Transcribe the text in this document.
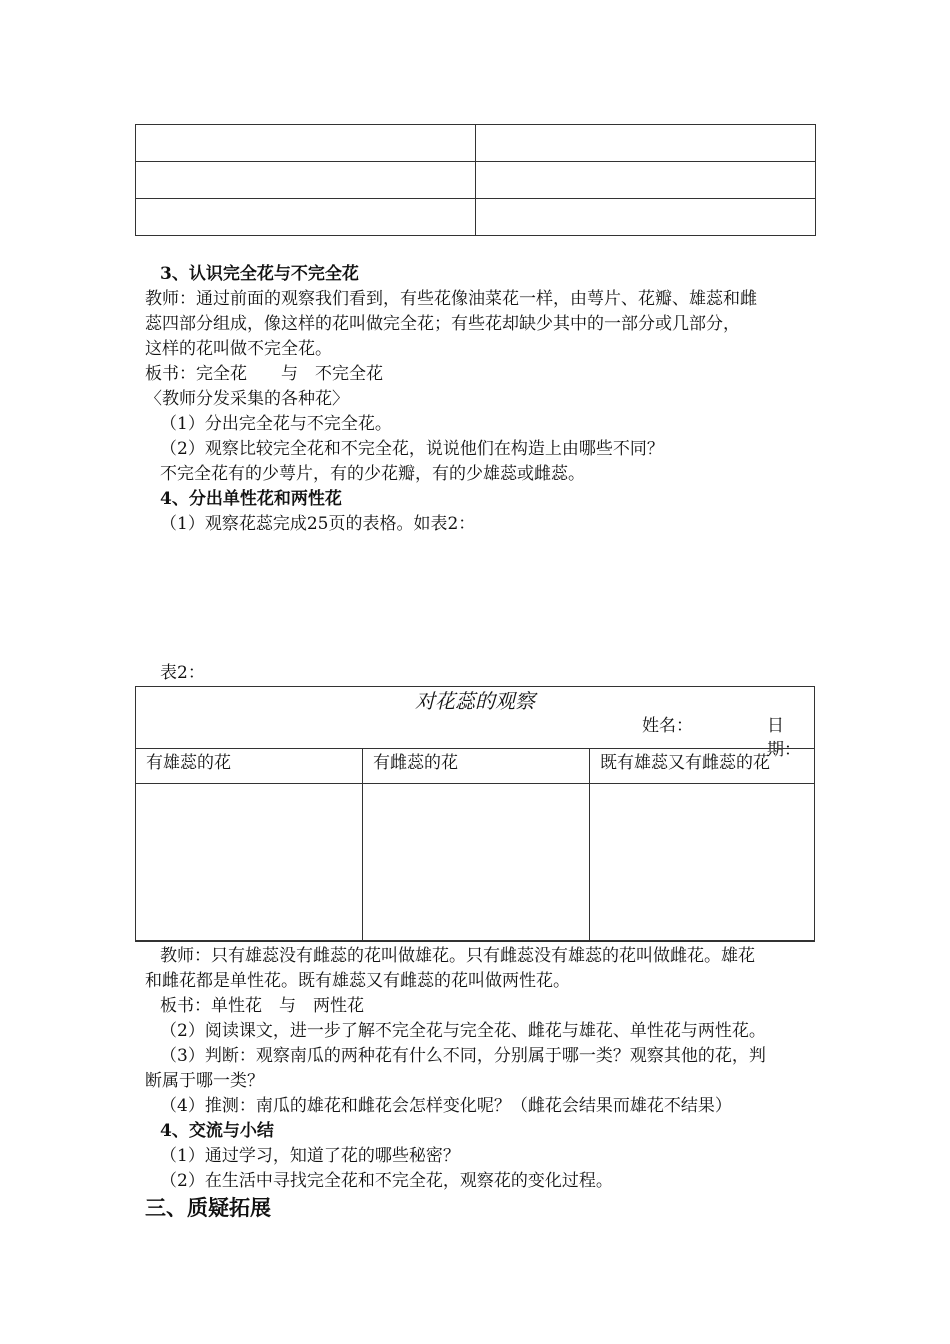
3、认识完全花与不完全花
教师：通过前面的观察我们看到，有些花像油菜花一样，由萼片、花瓣、雄蕊和雌
蕊四部分组成，像这样的花叫做完全花；有些花却缺少其中的一部分或几部分，
这样的花叫做不完全花。
板书：完全花　　与　不完全花
〈教师分发采集的各种花〉
（1）分出完全花与不完全花。
（2）观察比较完全花和不完全花，说说他们在构造上由哪些不同？
不完全花有的少萼片，有的少花瓣，有的少雄蕊或雌蕊。
4、分出单性花和两性花
（1）观察花蕊完成25页的表格。如表2：
表2：
对花蕊的观察
姓名：	日期：
有雄蕊的花	有雌蕊的花	既有雄蕊又有雌蕊的花

教师：只有雄蕊没有雌蕊的花叫做雄花。只有雌蕊没有雄蕊的花叫做雌花。雄花
和雌花都是单性花。既有雄蕊又有雌蕊的花叫做两性花。
板书：单性花　与　两性花
（2）阅读课文，进一步了解不完全花与完全花、雌花与雄花、单性花与两性花。
（3）判断：观察南瓜的两种花有什么不同，分别属于哪一类？观察其他的花，判
断属于哪一类？
（4）推测：南瓜的雄花和雌花会怎样变化呢？（雌花会结果而雄花不结果）
4、交流与小结
（1）通过学习，知道了花的哪些秘密？
（2）在生活中寻找完全花和不完全花，观察花的变化过程。
三、质疑拓展
